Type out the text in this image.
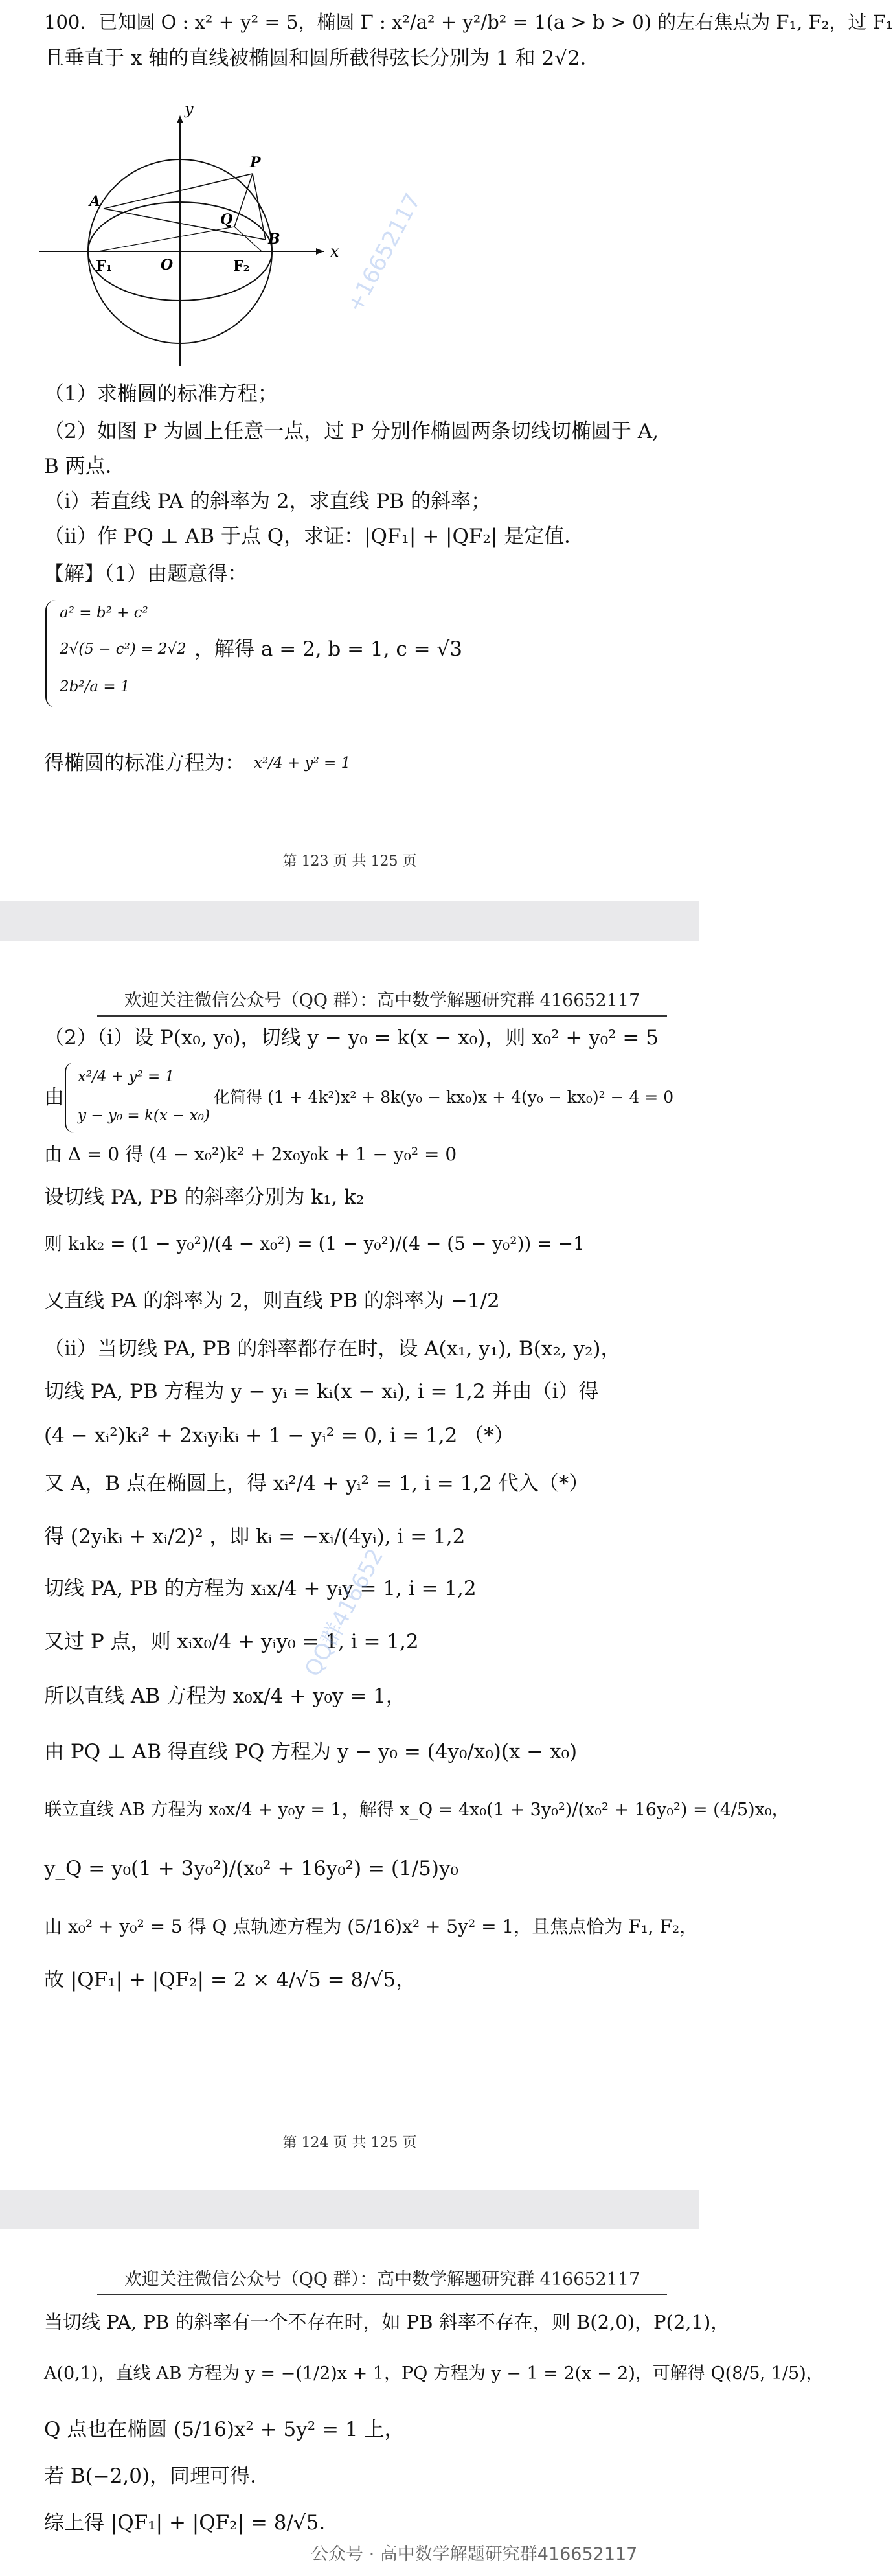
100．已知圆 O : x² + y² = 5，椭圆 Γ : x²/a² + y²/b² = 1(a > b > 0) 的左右焦点为 F₁, F₂，过 F₁
且垂直于 x 轴的直线被椭圆和圆所截得弦长分别为 1 和 2√2．
y
x
P
A
Q
B
F₁	O	F₂	+16652117
（1）求椭圆的标准方程；
（2）如图 P 为圆上任意一点，过 P 分别作椭圆两条切线切椭圆于 A,
B 两点．
（i）若直线 PA 的斜率为 2，求直线 PB 的斜率；
（ii）作 PQ ⊥ AB 于点 Q，求证：|QF₁| + |QF₂| 是定值．
【解】（1）由题意得：
a² = b² + c²
2√(5 − c²) = 2√2
2b²/a = 1
，解得 a = 2, b = 1, c = √3
得椭圆的标准方程为： x²/4 + y² = 1
第 123 页 共 125 页
欢迎关注微信公众号（QQ 群）：高中数学解题研究群 416652117
（2）（i）设 P(x₀, y₀)，切线 y − y₀ = k(x − x₀)，则 x₀² + y₀² = 5
由
x²/4 + y² = 1
y − y₀ = k(x − x₀)
化简得 (1 + 4k²)x² + 8k(y₀ − kx₀)x + 4(y₀ − kx₀)² − 4 = 0
由 Δ = 0 得 (4 − x₀²)k² + 2x₀y₀k + 1 − y₀² = 0
设切线 PA, PB 的斜率分别为 k₁, k₂
则 k₁k₂ = (1 − y₀²)/(4 − x₀²) = (1 − y₀²)/(4 − (5 − y₀²)) = −1
又直线 PA 的斜率为 2，则直线 PB 的斜率为 −1/2
（ii）当切线 PA, PB 的斜率都存在时，设 A(x₁, y₁), B(x₂, y₂)，
切线 PA, PB 方程为 y − yᵢ = kᵢ(x − xᵢ), i = 1,2 并由（i）得
(4 − xᵢ²)kᵢ² + 2xᵢyᵢkᵢ + 1 − yᵢ² = 0, i = 1,2 （*）
又 A，B 点在椭圆上，得 xᵢ²/4 + yᵢ² = 1, i = 1,2 代入（*）
得 (2yᵢkᵢ + xᵢ/2)² ，即 kᵢ = −xᵢ/(4yᵢ), i = 1,2
切线 PA, PB 的方程为 xᵢx/4 + yᵢy = 1, i = 1,2
又过 P 点，则 xᵢx₀/4 + yᵢy₀ = 1, i = 1,2
所以直线 AB 方程为 x₀x/4 + y₀y = 1，
由 PQ ⊥ AB 得直线 PQ 方程为 y − y₀ = (4y₀/x₀)(x − x₀)
联立直线 AB 方程为 x₀x/4 + y₀y = 1，解得 x_Q = 4x₀(1 + 3y₀²)/(x₀² + 16y₀²) = (4/5)x₀，
y_Q = y₀(1 + 3y₀²)/(x₀² + 16y₀²) = (1/5)y₀
由 x₀² + y₀² = 5 得 Q 点轨迹方程为 (5/16)x² + 5y² = 1，且焦点恰为 F₁, F₂，
故 |QF₁| + |QF₂| = 2 × 4/√5 = 8/√5，
QQ群416652
第 124 页 共 125 页
欢迎关注微信公众号（QQ 群）：高中数学解题研究群 416652117
当切线 PA, PB 的斜率有一个不存在时，如 PB 斜率不存在，则 B(2,0)，P(2,1)，
A(0,1)，直线 AB 方程为 y = −(1/2)x + 1，PQ 方程为 y − 1 = 2(x − 2)，可解得 Q(8/5, 1/5)，
Q 点也在椭圆 (5/16)x² + 5y² = 1 上，
若 B(−2,0)，同理可得．
综上得 |QF₁| + |QF₂| = 8/√5．
公众号 · 高中数学解题研究群416652117
